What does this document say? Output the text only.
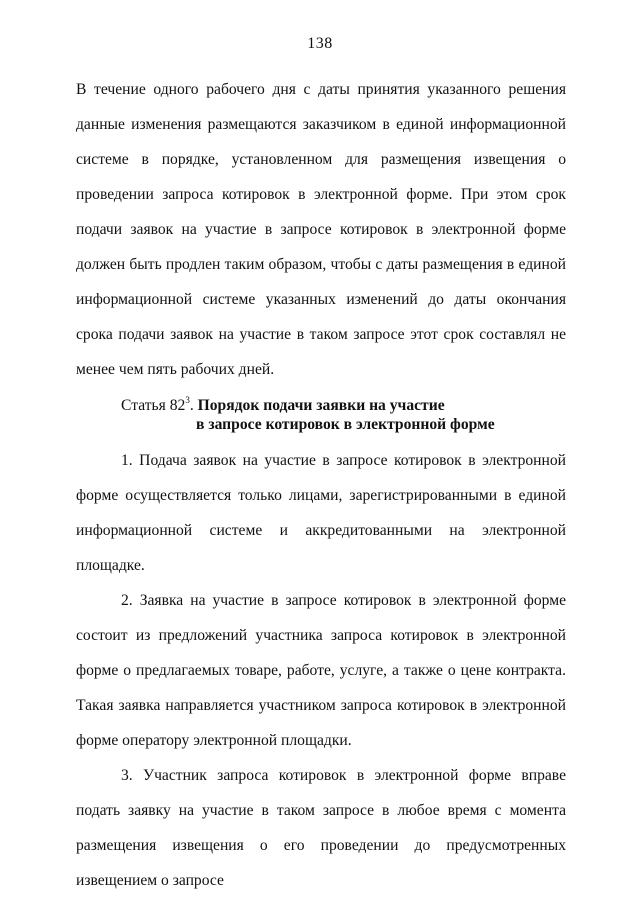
138

В течение одного рабочего дня с даты принятия указанного решения данные изменения размещаются заказчиком в единой информационной системе в порядке, установленном для размещения извещения о проведении запроса котировок в электронной форме. При этом срок подачи заявок на участие в запросе котировок в электронной форме должен быть продлен таким образом, чтобы с даты размещения в единой информационной системе указанных изменений до даты окончания срока подачи заявок на участие в таком запросе этот срок составлял не менее чем пять рабочих дней.

Статья $82^3$. Порядок подачи заявки на участие
в запросе котировок в электронной форме

1. Подача заявок на участие в запросе котировок в электронной форме осуществляется только лицами, зарегистрированными в единой информационной системе и аккредитованными на электронной площадке.

2. Заявка на участие в запросе котировок в электронной форме состоит из предложений участника запроса котировок в электронной форме о предлагаемых товаре, работе, услуге, а также о цене контракта. Такая заявка направляется участником запроса котировок в электронной форме оператору электронной площадки.

3. Участник запроса котировок в электронной форме вправе подать заявку на участие в таком запросе в любое время с момента размещения извещения о его проведении до предусмотренных извещением о запросе
